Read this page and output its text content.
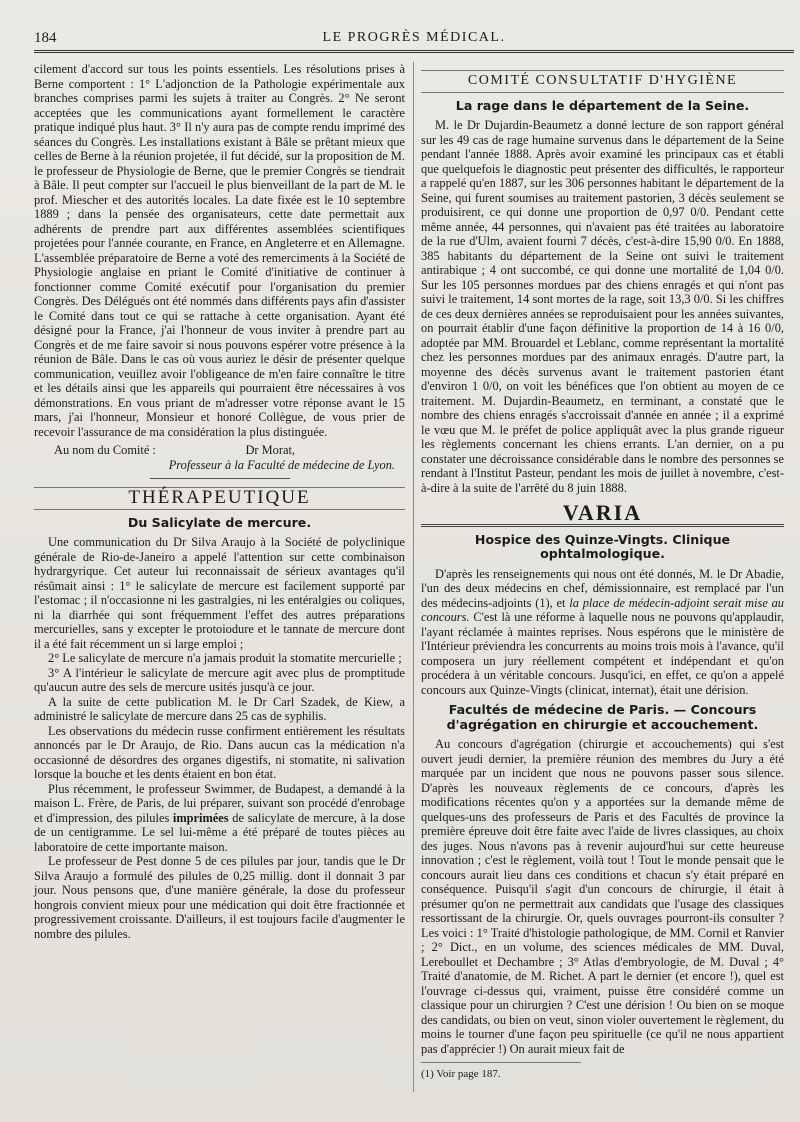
184	LE PROGRÈS MÉDICAL.

cilement d'accord sur tous les points essentiels. Les résolutions prises à Berne comportent : 1° L'adjonction de la Pathologie expérimentale aux branches comprises parmi les sujets à traiter au Congrès. 2° Ne seront acceptées que les communications ayant formellement le caractère pratique indiqué plus haut. 3° Il n'y aura pas de compte rendu imprimé des séances du Congrès. Les installations existant à Bâle se prêtant mieux que celles de Berne à la réunion projetée, il fut décidé, sur la proposition de M. le professeur de Physiologie de Berne, que le premier Congrès se tiendrait à Bâle. Il peut compter sur l'accueil le plus bienveillant de la part de M. le prof. Miescher et des autorités locales. La date fixée est le 10 septembre 1889 ; dans la pensée des organisateurs, cette date permettait aux adhérents de prendre part aux différentes assemblées scientifiques projetées pour l'année courante, en France, en Angleterre et en Allemagne. L'assemblée préparatoire de Berne a voté des remerciments à la Société de Physiologie anglaise en priant le Comité d'initiative de continuer à fonctionner comme Comité exécutif pour l'organisation du premier Congrès. Des Délégués ont été nommés dans différents pays afin d'assister le Comité dans tout ce qui se rattache à cette organisation. Ayant été désigné pour la France, j'ai l'honneur de vous inviter à prendre part au Congrès et de me faire savoir si nous pouvons espérer votre présence à la réunion de Bâle. Dans le cas où vous auriez le désir de présenter quelque communication, veuillez avoir l'obligeance de m'en faire connaître le titre et les détails ainsi que les appareils qui pourraient être nécessaires à vos démonstrations. En vous priant de m'adresser votre réponse avant le 15 mars, j'ai l'honneur, Monsieur et honoré Collègue, de vous prier de recevoir l'assurance de ma considération la plus distinguée.

Au nom du Comité :	Dr Morat,
Professeur à la Faculté de médecine de Lyon.
THÉRAPEUTIQUE
Du Salicylate de mercure.

Une communication du Dr Silva Araujo à la Société de polyclinique générale de Rio-de-Janeiro a appelé l'attention sur cette combinaison hydrargyrique. Cet auteur lui reconnaissait de sérieux avantages qu'il résûmait ainsi : 1° le salicylate de mercure est facilement supporté par l'estomac ; il n'occasionne ni les gastralgies, ni les entéralgies ou coliques, ni la diarrhée qui sont fréquemment l'effet des autres préparations mercurielles, sans y excepter le protoiodure et le tannate de mercure dont il a été fait récemment un si large emploi ;

2° Le salicylate de mercure n'a jamais produit la stomatite mercurielle ;

3° A l'intérieur le salicylate de mercure agit avec plus de promptitude qu'aucun autre des sels de mercure usités jusqu'à ce jour.

A la suite de cette publication M. le Dr Carl Szadek, de Kiew, a administré le salicylate de mercure dans 25 cas de syphilis.

Les observations du médecin russe confirment entièrement les résultats annoncés par le Dr Araujo, de Rio. Dans aucun cas la médication n'a occasionné de désordres des organes digestifs, ni stomatite, ni salivation lorsque la bouche et les dents étaient en bon état.

Plus récemment, le professeur Swimmer, de Budapest, a demandé à la maison L. Frère, de Paris, de lui préparer, suivant son procédé d'enrobage et d'impression, des pilules imprimées de salicylate de mercure, à la dose de un centigramme. Le sel lui-même a été préparé de toutes pièces au laboratoire de cette importante maison.

Le professeur de Pest donne 5 de ces pilules par jour, tandis que le Dr Silva Araujo a formulé des pilules de 0,25 millig. dont il donnait 3 par jour. Nous pensons que, d'une manière générale, la dose du professeur hongrois convient mieux pour une médication qui doit être fractionnée et progressivement croissante. D'ailleurs, il est toujours facile d'augmenter le nombre des pilules.

COMITÉ CONSULTATIF D'HYGIÈNE
La rage dans le département de la Seine.

M. le Dr Dujardin-Beaumetz a donné lecture de son rapport général sur les 49 cas de rage humaine survenus dans le département de la Seine pendant l'année 1888. Après avoir examiné les principaux cas et établi que quelquefois le diagnostic peut présenter des difficultés, le rapporteur a rappelé qu'en 1887, sur les 306 personnes habitant le département de la Seine, qui furent soumises au traitement pastorien, 3 décès seulement se produisirent, ce qui donne une proportion de 0,97 0/0. Pendant cette même année, 44 personnes, qui n'avaient pas été traitées au laboratoire de la rue d'Ulm, avaient fourni 7 décès, c'est-à-dire 15,90 0/0. En 1888, 385 habitants du département de la Seine ont suivi le traitement antirabique ; 4 ont succombé, ce qui donne une mortalité de 1,04 0/0. Sur les 105 personnes mordues par des chiens enragés et qui n'ont pas suivi le traitement, 14 sont mortes de la rage, soit 13,3 0/0. Si les chiffres de ces deux dernières années se reproduisaient pour les années suivantes, on pourrait établir d'une façon définitive la proportion de 14 à 16 0/0, adoptée par MM. Brouardel et Leblanc, comme représentant la mortalité chez les personnes mordues par des animaux enragés. D'autre part, la moyenne des décès survenus avant le traitement pastorien étant d'environ 1 0/0, on voit les bénéfices que l'on obtient au moyen de ce traitement. M. Dujardin-Beaumetz, en terminant, a constaté que le nombre des chiens enragés s'accroissait d'année en année ; il a exprimé le vœu que M. le préfet de police appliquât avec la plus grande rigueur les règlements concernant les chiens errants. L'an dernier, on a pu constater une décroissance considérable dans le nombre des personnes se rendant à l'Institut Pasteur, pendant les mois de juillet à novembre, c'est-à-dire à la suite de l'arrêté du 8 juin 1888.

VARIA
Hospice des Quinze-Vingts. Clinique ophtalmologique.

D'après les renseignements qui nous ont été donnés, M. le Dr Abadie, l'un des deux médecins en chef, démissionnaire, est remplacé par l'un des médecins-adjoints (1), et la place de médecin-adjoint serait mise au concours. C'est là une réforme à laquelle nous ne pouvons qu'applaudir, l'ayant réclamée à maintes reprises. Nous espérons que le ministère de l'Intérieur préviendra les concurrents au moins trois mois à l'avance, qu'il composera un jury réellement compétent et indépendant et qu'on procédera à un véritable concours. Jusqu'ici, en effet, ce qu'on a appelé concours aux Quinze-Vingts (clinicat, internat), était une dérision.

Facultés de médecine de Paris. — Concours d'agrégation en chirurgie et accouchement.

Au concours d'agrégation (chirurgie et accouchements) qui s'est ouvert jeudi dernier, la première réunion des membres du Jury a été marquée par un incident que nous ne pouvons passer sous silence. D'après les nouveaux règlements de ce concours, d'après les modifications récentes qu'on y a apportées sur la demande même de quelques-uns des professeurs de Paris et des Facultés de province la première épreuve doit être faite avec l'aide de livres classiques, au choix des juges. Nous n'avons pas à revenir aujourd'hui sur cette heureuse innovation ; c'est le règlement, voilà tout ! Tout le monde pensait que le concours aurait lieu dans ces conditions et chacun s'y était préparé en conséquence. Puisqu'il s'agit d'un concours de chirurgie, il était à présumer qu'on ne permettrait aux candidats que l'usage des classiques ressortissant de la chirurgie. Or, quels ouvrages pourront-ils consulter ? Les voici : 1° Traité d'histologie pathologique, de MM. Cornil et Ranvier ; 2° Dict., en un volume, des sciences médicales de MM. Duval, Lereboullet et Dechambre ; 3° Atlas d'embryologie, de M. Duval ; 4° Traité d'anatomie, de M. Richet. A part le dernier (et encore !), quel est l'ouvrage ci-dessus qui, vraiment, puisse être considéré comme un classique pour un chirurgien ? C'est une dérision ! Ou bien on se moque des candidats, ou bien on veut, sinon violer ouvertement le règlement, du moins le tourner d'une façon peu spirituelle (ce qu'il ne nous appartient pas d'apprécier !) On aurait mieux fait de

(1) Voir page 187.
